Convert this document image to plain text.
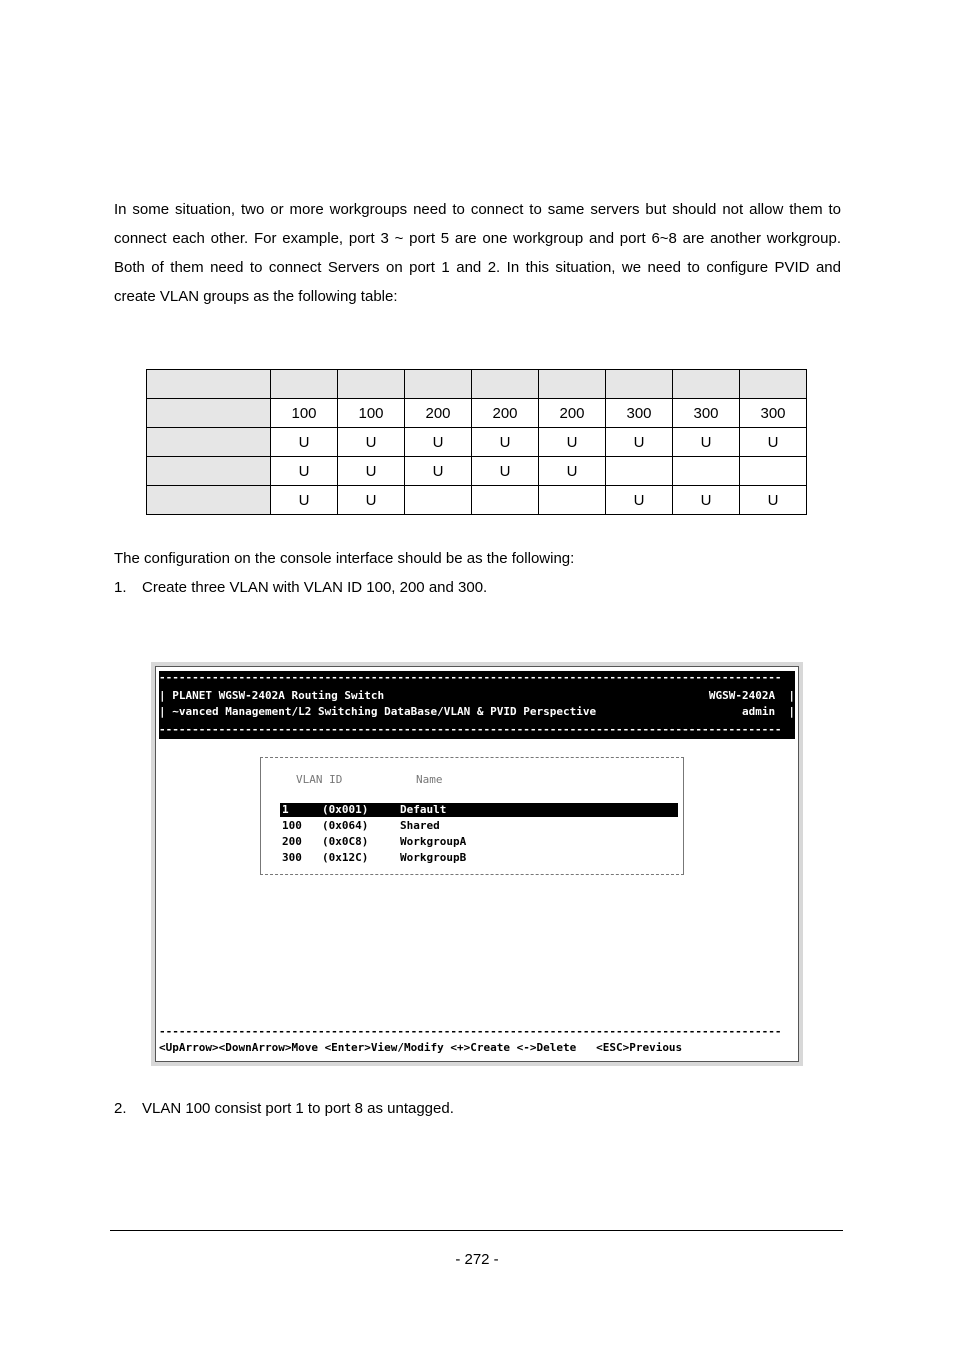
In some situation, two or more workgroups need to connect to same servers but should not allow them to connect each other. For example, port 3 ~ port 5 are one workgroup and port 6~8 are another workgroup. Both of them need to connect Servers on port 1 and 2. In this situation, we need to configure PVID and create VLAN groups as the following table:

	100	100	200	200	200	300	300	300
	U	U	U	U	U	U	U	U
	U	U	U	U	U			
	U	U				U	U	U

The configuration on the console interface should be as the following:

1. Create three VLAN with VLAN ID 100, 200 and 300.

----------------------------------------------------------------------------------------------
| PLANET WGSW-2402A Routing Switch	WGSW-2402A  |
| ~vanced Management/L2 Switching DataBase/VLAN & PVID Perspective	admin  |
----------------------------------------------------------------------------------------------
VLAN ID	Name

1	(0x001)	Default

100 (0x064)	Shared

200 (0x0C8)	WorkgroupA

300 (0x12C)	WorkgroupB

----------------------------------------------------------------------------------------------
<UpArrow><DownArrow>Move <Enter>View/Modify <+>Create <->Delete   <ESC>Previous

2. VLAN 100 consist port 1 to port 8 as untagged.

- 272 -
